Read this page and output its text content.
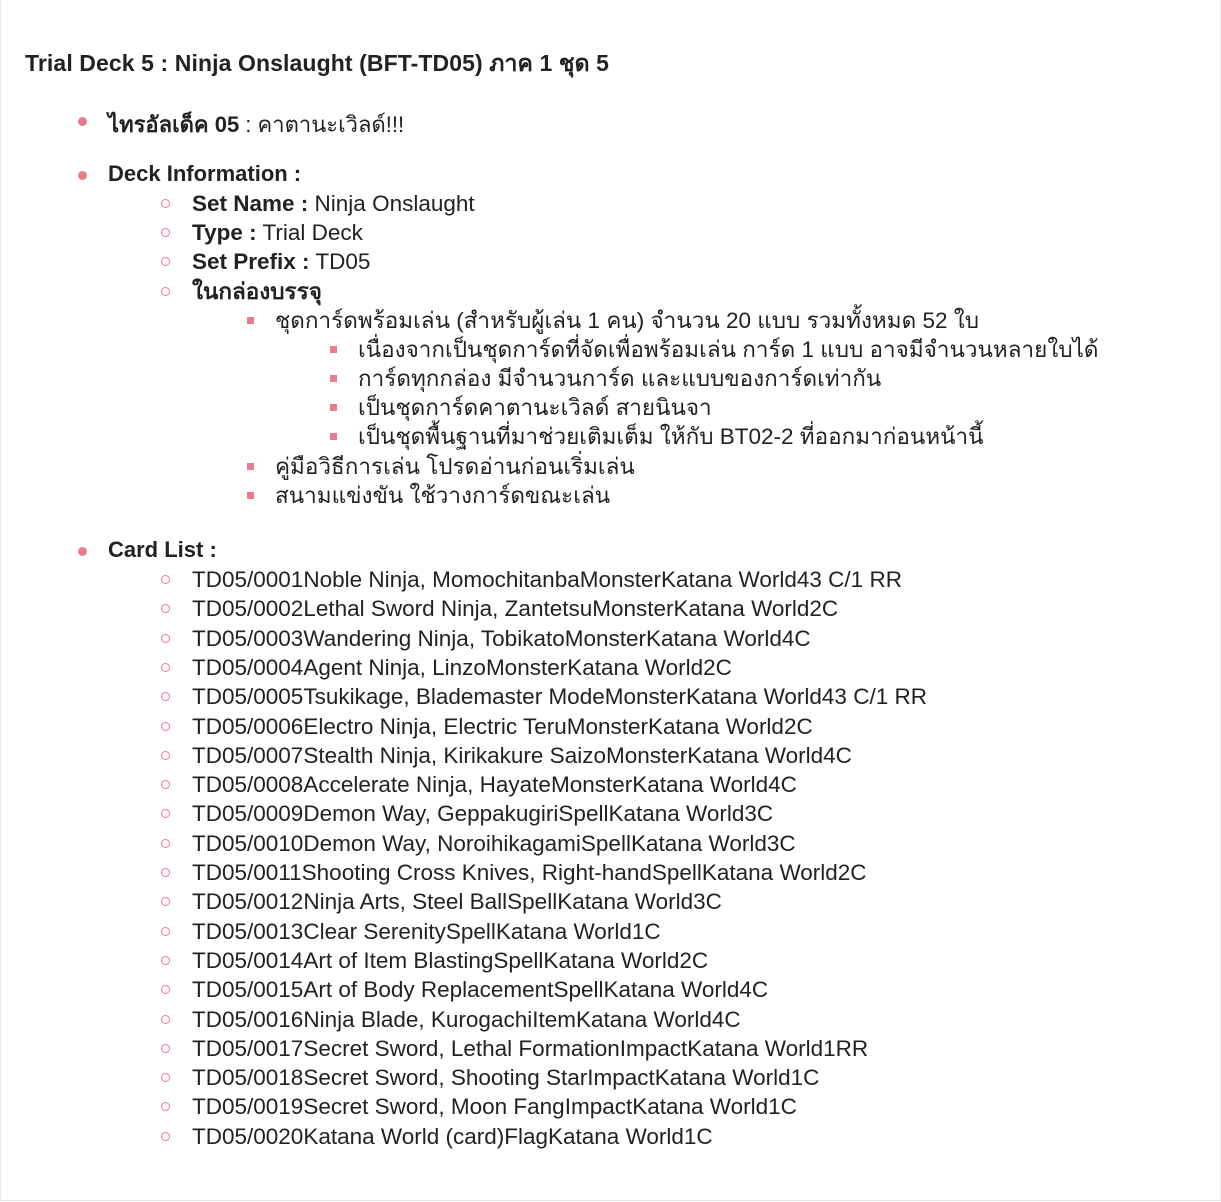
Trial Deck 5 : Ninja Onslaught (BFT-TD05) ภาค 1 ชุด 5
ไทรอัลเด็ค 05 : คาตานะเวิลด์!!!
Deck Information :
Card List :
Set Name : Ninja Onslaught
Type : Trial Deck
Set Prefix : TD05
ในกล่องบรรจุ
ชุดการ์ดพร้อมเล่น (สำหรับผู้เล่น 1 คน) จำนวน 20 แบบ รวมทั้งหมด 52 ใบ
เนื่องจากเป็นชุดการ์ดที่จัดเพื่อพร้อมเล่น การ์ด 1 แบบ อาจมีจำนวนหลายใบได้
การ์ดทุกกล่อง มีจำนวนการ์ด และแบบของการ์ดเท่ากัน
เป็นชุดการ์ดคาตานะเวิลด์ สายนินจา
เป็นชุดพื้นฐานที่มาช่วยเติมเต็ม ให้กับ BT02-2 ที่ออกมาก่อนหน้านี้
คู่มือวิธีการเล่น โปรดอ่านก่อนเริ่มเล่น
สนามแข่งขัน ใช้วางการ์ดขณะเล่น
TD05/0001Noble Ninja, MomochitanbaMonsterKatana World43 C/1 RR
TD05/0002Lethal Sword Ninja, ZantetsuMonsterKatana World2C
TD05/0003Wandering Ninja, TobikatoMonsterKatana World4C
TD05/0004Agent Ninja, LinzoMonsterKatana World2C
TD05/0005Tsukikage, Blademaster ModeMonsterKatana World43 C/1 RR
TD05/0006Electro Ninja, Electric TeruMonsterKatana World2C
TD05/0007Stealth Ninja, Kirikakure SaizoMonsterKatana World4C
TD05/0008Accelerate Ninja, HayateMonsterKatana World4C
TD05/0009Demon Way, GeppakugiriSpellKatana World3C
TD05/0010Demon Way, NoroihikagamiSpellKatana World3C
TD05/0011Shooting Cross Knives, Right-handSpellKatana World2C
TD05/0012Ninja Arts, Steel BallSpellKatana World3C
TD05/0013Clear SerenitySpellKatana World1C
TD05/0014Art of Item BlastingSpellKatana World2C
TD05/0015Art of Body ReplacementSpellKatana World4C
TD05/0016Ninja Blade, KurogachiItemKatana World4C
TD05/0017Secret Sword, Lethal FormationImpactKatana World1RR
TD05/0018Secret Sword, Shooting StarImpactKatana World1C
TD05/0019Secret Sword, Moon FangImpactKatana World1C
TD05/0020Katana World (card)FlagKatana World1C
